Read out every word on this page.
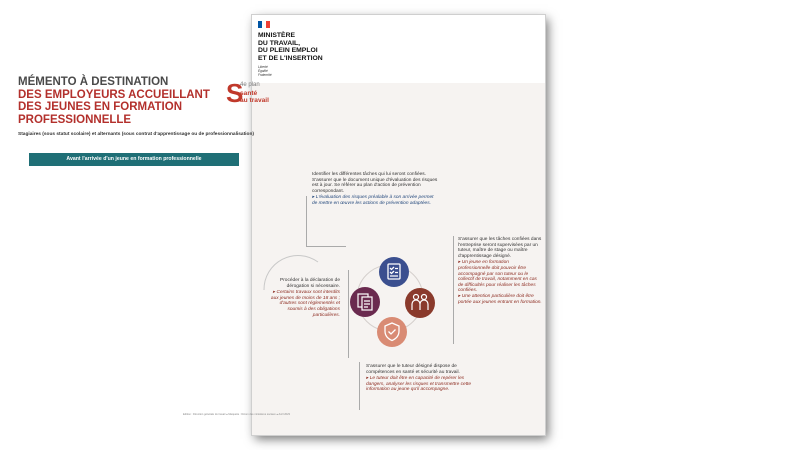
MINISTÈRE
DU TRAVAIL,
DU PLEIN EMPLOI
ET DE L'INSERTION
Liberté
Égalité
Fraternité
MÉMENTO À DESTINATION
DES EMPLOYEURS ACCUEILLANT DES JEUNES EN FORMATION PROFESSIONNELLE
S
4e plan
santé
au travail
Stagiaires (sous statut scolaire) et alternants (sous contrat d'apprentissage ou de professionnalisation)
Avant l'arrivée d'un jeune en formation professionnelle
Identifier les différentes tâches qui lui seront confiées. S'assurer que le document unique d'évaluation des risques est à jour. Se référer au plan d'action de prévention correspondant.
▸ L'évaluation des risques préalable à son arrivée permet de mettre en œuvre les actions de prévention adaptées.
S'assurer que les tâches confiées dans l'entreprise seront supervisées par un tuteur, maître de stage ou maître d'apprentissage désigné.
▸ Un jeune en formation professionnelle doit pouvoir être accompagné par son tuteur ou le collectif de travail, notamment en cas de difficultés pour réaliser les tâches confiées.
▸ Une attention particulière doit être portée aux jeunes entrant en formation.
Procéder à la déclaration de dérogation si nécessaire.
▸ Certains travaux sont interdits aux jeunes de moins de 18 ans ; d'autres sont réglementés et soumis à des obligations particulières.
S'assurer que le tuteur désigné dispose de compétences en santé et sécurité au travail.
▸ Le tuteur doit être en capacité de repérer les dangers, analyser les risques et transmettre cette information au jeune qu'il accompagne.
Édition : Direction générale du travail ● Maquette : Dicom des ministères sociaux ● Avril 2023
